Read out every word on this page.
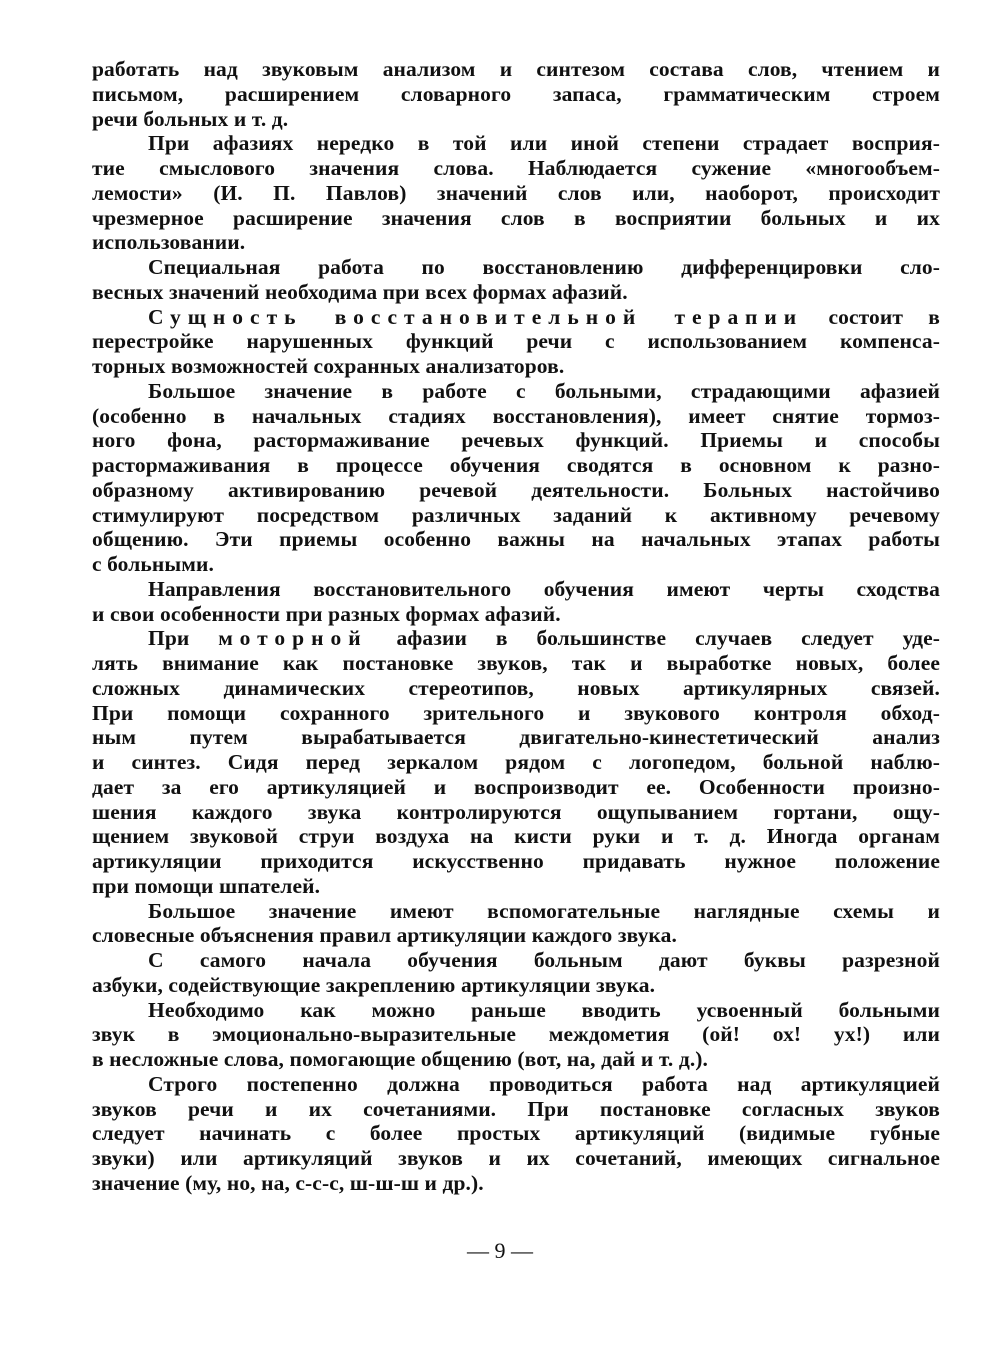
работать над звуковым анализом и синтезом состава слов, чтением и
письмом, расширением словарного запаса, грамматическим строем
речи больных и т. д.
При афазиях нередко в той или иной степени страдает восприя-
тие смыслового значения слова. Наблюдается сужение «многообъем-
лемости» (И. П. Павлов) значений слов или, наоборот, происходит
чрезмерное расширение значения слов в восприятии больных и их
использовании.
Специальная работа по восстановлению дифференцировки сло-
весных значений необходима при всех формах афазий.
Сущность восстановительной терапии состоит в
перестройке нарушенных функций речи с использованием компенса-
торных возможностей сохранных анализаторов.
Большое значение в работе с больными, страдающими афазией
(особенно в начальных стадиях восстановления), имеет снятие тормоз-
ного фона, растормаживание речевых функций. Приемы и способы
растормаживания в процессе обучения сводятся в основном к разно-
образному активированию речевой деятельности. Больных настойчиво
стимулируют посредством различных заданий к активному речевому
общению. Эти приемы особенно важны на начальных этапах работы
с больными.
Направления восстановительного обучения имеют черты сходства
и свои особенности при разных формах афазий.
При моторной афазии в большинстве случаев следует уде-
лять внимание как постановке звуков, так и выработке новых, более
сложных динамических стереотипов, новых артикулярных связей.
При помощи сохранного зрительного и звукового контроля обход-
ным путем вырабатывается двигательно-кинестетический анализ
и синтез. Сидя перед зеркалом рядом с логопедом, больной наблю-
дает за его артикуляцией и воспроизводит ее. Особенности произно-
шения каждого звука контролируются ощупыванием гортани, ощу-
щением звуковой струи воздуха на кисти руки и т. д. Иногда органам
артикуляции приходится искусственно придавать нужное положение
при помощи шпателей.
Большое значение имеют вспомогательные наглядные схемы и
словесные объяснения правил артикуляции каждого звука.
С самого начала обучения больным дают буквы разрезной
азбуки, содействующие закреплению артикуляции звука.
Необходимо как можно раньше вводить усвоенный больными
звук в эмоционально-выразительные междометия (ой! ох! ух!) или
в несложные слова, помогающие общению (вот, на, дай и т. д.).
Строго постепенно должна проводиться работа над артикуляцией
звуков речи и их сочетаниями. При постановке согласных звуков
следует начинать с более простых артикуляций (видимые губные
звуки) или артикуляций звуков и их сочетаний, имеющих сигнальное
значение (му, но, на, с-с-с, ш-ш-ш и др.).
— 9 —
